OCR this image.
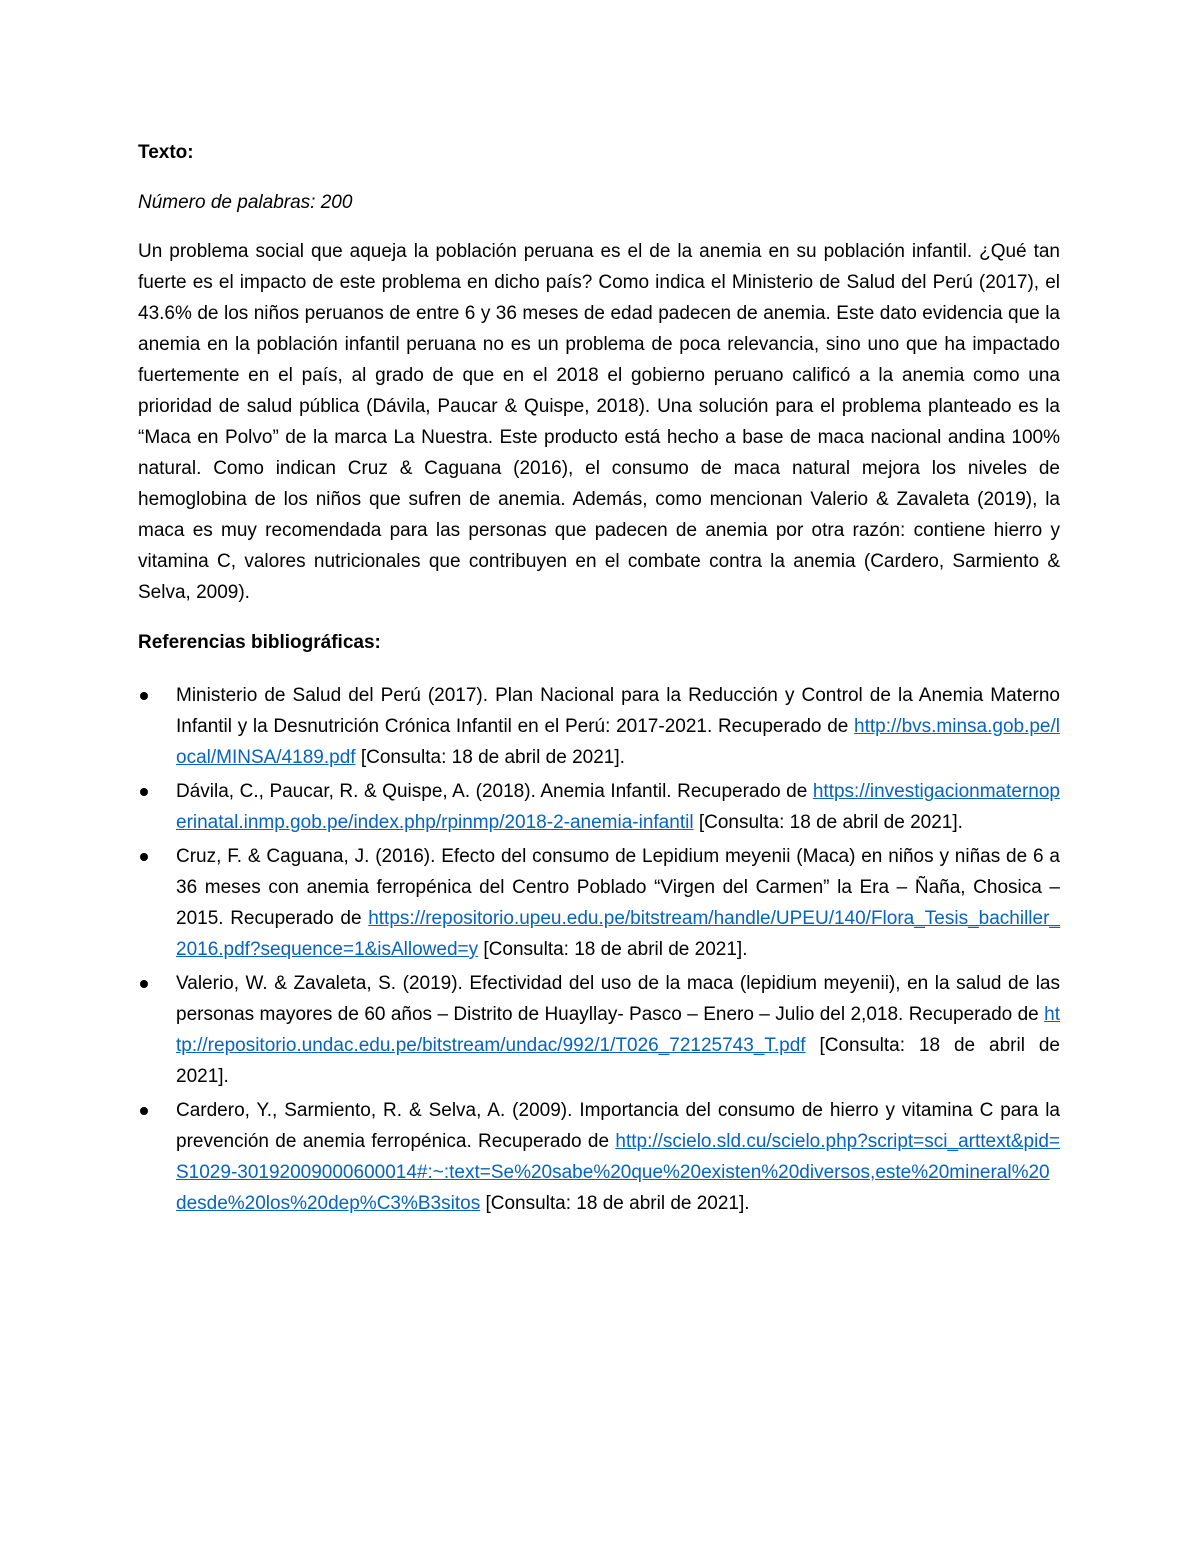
Texto:

Número de palabras: 200

Un problema social que aqueja la población peruana es el de la anemia en su población infantil. ¿Qué tan fuerte es el impacto de este problema en dicho país? Como indica el Ministerio de Salud del Perú (2017), el 43.6% de los niños peruanos de entre 6 y 36 meses de edad padecen de anemia. Este dato evidencia que la anemia en la población infantil peruana no es un problema de poca relevancia, sino uno que ha impactado fuertemente en el país, al grado de que en el 2018 el gobierno peruano calificó a la anemia como una prioridad de salud pública (Dávila, Paucar & Quispe, 2018). Una solución para el problema planteado es la “Maca en Polvo” de la marca La Nuestra. Este producto está hecho a base de maca nacional andina 100% natural. Como indican Cruz & Caguana (2016), el consumo de maca natural mejora los niveles de hemoglobina de los niños que sufren de anemia. Además, como mencionan Valerio & Zavaleta (2019), la maca es muy recomendada para las personas que padecen de anemia por otra razón: contiene hierro y vitamina C, valores nutricionales que contribuyen en el combate contra la anemia (Cardero, Sarmiento & Selva, 2009).

Referencias bibliográficas:

Ministerio de Salud del Perú (2017). Plan Nacional para la Reducción y Control de la Anemia Materno Infantil y la Desnutrición Crónica Infantil en el Perú: 2017-2021. Recuperado de http://bvs.minsa.gob.pe/local/MINSA/4189.pdf [Consulta: 18 de abril de 2021].
Dávila, C., Paucar, R. & Quispe, A. (2018). Anemia Infantil. Recuperado de https://investigacionmaternoperinatal.inmp.gob.pe/index.php/rpinmp/2018-2-anemia-infantil [Consulta: 18 de abril de 2021].
Cruz, F. & Caguana, J. (2016). Efecto del consumo de Lepidium meyenii (Maca) en niños y niñas de 6 a 36 meses con anemia ferropénica del Centro Poblado “Virgen del Carmen” la Era – Ñaña, Chosica – 2015. Recuperado de https://repositorio.upeu.edu.pe/bitstream/handle/UPEU/140/Flora_Tesis_bachiller_2016.pdf?sequence=1&isAllowed=y [Consulta: 18 de abril de 2021].
Valerio, W. & Zavaleta, S. (2019). Efectividad del uso de la maca (lepidium meyenii), en la salud de las personas mayores de 60 años – Distrito de Huayllay- Pasco – Enero – Julio del 2,018. Recuperado de http://repositorio.undac.edu.pe/bitstream/undac/992/1/T026_72125743_T.pdf [Consulta: 18 de abril de 2021].
Cardero, Y., Sarmiento, R. & Selva, A. (2009). Importancia del consumo de hierro y vitamina C para la prevención de anemia ferropénica. Recuperado de http://scielo.sld.cu/scielo.php?script=sci_arttext&pid=S1029-30192009000600014#:~:text=Se%20sabe%20que%20existen%20diversos,este%20mineral%20desde%20los%20dep%C3%B3sitos [Consulta: 18 de abril de 2021].
